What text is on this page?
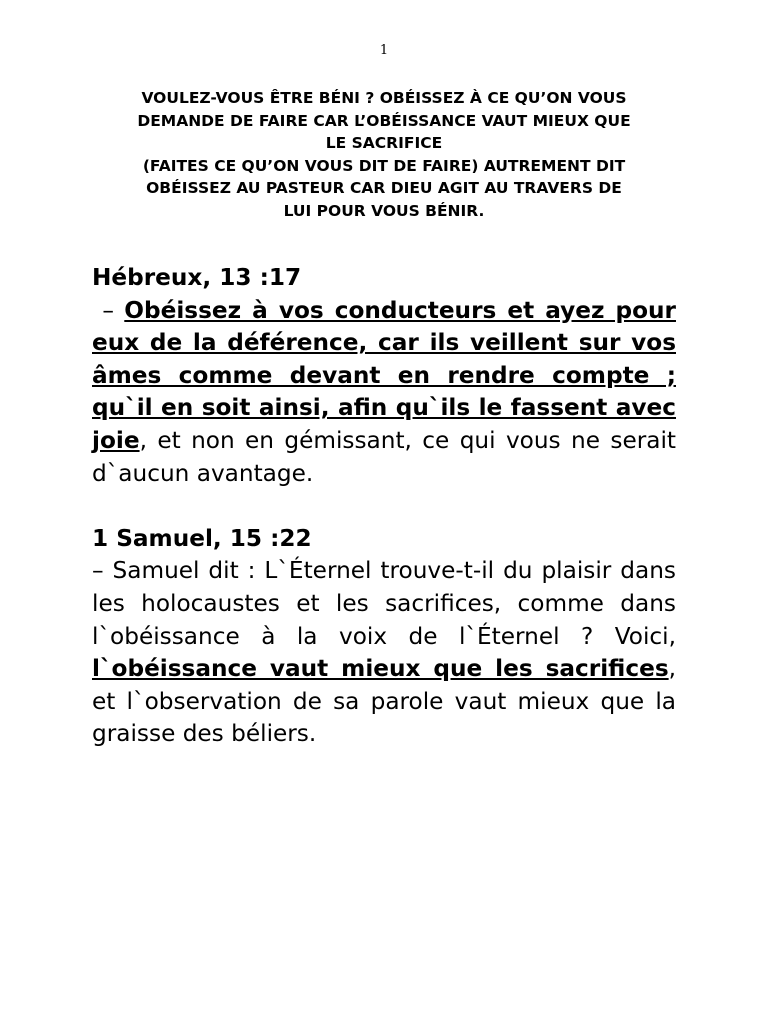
1
VOULEZ-VOUS ÊTRE BÉNI ? OBÉISSEZ À CE QU’ON VOUS
DEMANDE DE FAIRE CAR L’OBÉISSANCE VAUT MIEUX QUE
LE SACRIFICE
(FAITES CE QU’ON VOUS DIT DE FAIRE) AUTREMENT DIT
OBÉISSEZ AU PASTEUR CAR DIEU AGIT AU TRAVERS DE
LUI POUR VOUS BÉNIR.

Hébreux, 13 :17

– Obéissez à vos conducteurs et ayez pour eux de la déférence, car ils veillent sur vos âmes comme devant en rendre compte ; qu`il en soit ainsi, afin qu`ils le fassent avec joie, et non en gémissant, ce qui vous ne serait d`aucun avantage.

1 Samuel, 15 :22

– Samuel dit : L`Éternel trouve-t-il du plaisir dans les holocaustes et les sacrifices, comme dans l`obéissance à la voix de l`Éternel ? Voici, l`obéissance vaut mieux que les sacrifices, et l`observation de sa parole vaut mieux que la graisse des béliers.
